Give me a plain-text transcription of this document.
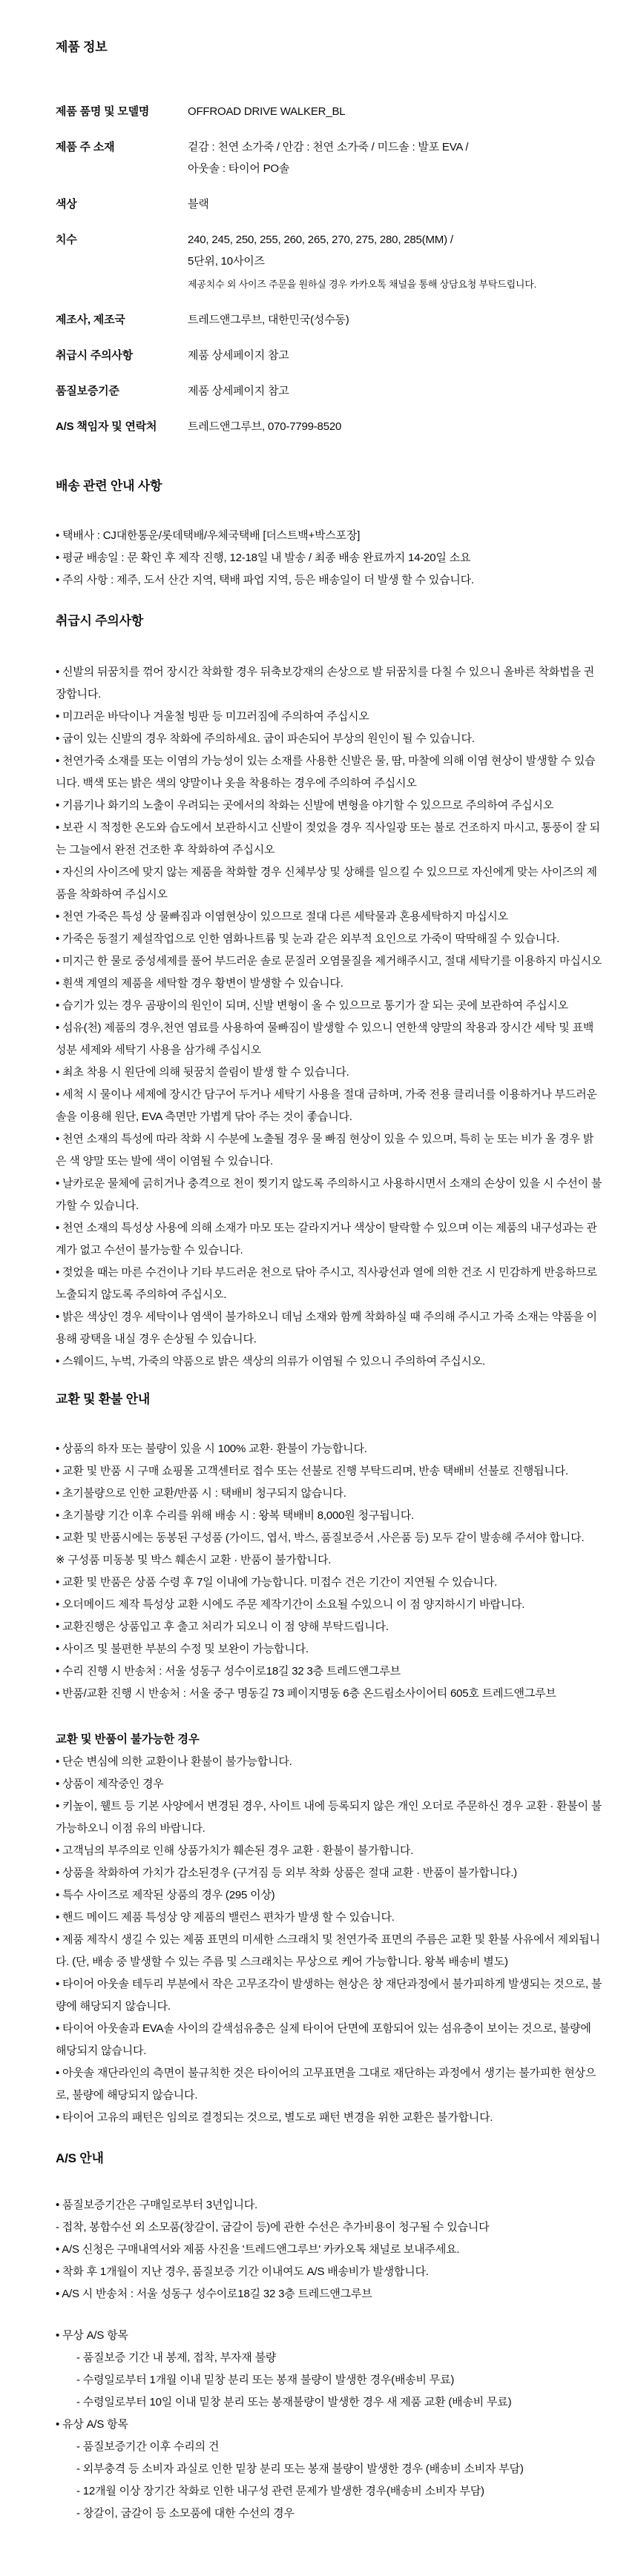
제품 정보
제품 품명 및 모델명	OFFROAD DRIVE WALKER_BL
제품 주 소재	겉감 : 천연 소가죽 / 안감 : 천연 소가죽 / 미드솔 : 발포 EVA /
아웃솔 : 타이어 PO솔
색상	블랙
치수	240, 245, 250, 255, 260, 265, 270, 275, 280, 285(MM) /
5단위, 10사이즈
제공치수 외 사이즈 주문을 원하실 경우 카카오톡 채널을 통해 상담요청 부탁드립니다.
제조사, 제조국	트레드앤그루브, 대한민국(성수동)
취급시 주의사항	제품 상세페이지 참고
품질보증기준	제품 상세페이지 참고
A/S 책임자 및 연락처	트레드앤그루브, 070-7799-8520
배송 관련 안내 사항
• 택배사 : CJ대한통운/롯데택배/우체국택배 [더스트백+박스포장]
• 평균 배송일 : 문 확인 후 제작 진행, 12-18일 내 발송 / 최종 배송 완료까지 14-20일 소요
• 주의 사항 : 제주, 도서 산간 지역, 택배 파업 지역, 등은 배송일이 더 발생 할 수 있습니다.
취급시 주의사항
• 신발의 뒤꿈치를 꺾어 장시간 착화할 경우 뒤축보강재의 손상으로 발 뒤꿈치를 다칠 수 있으니 올바른 착화법을 권장합니다.
• 미끄러운 바닥이나 겨울철 빙판 등 미끄러짐에 주의하여 주십시오
• 굽이 있는 신발의 경우 착화에 주의하세요. 굽이 파손되어 부상의 원인이 될 수 있습니다.
• 천연가죽 소재를 또는 이염의 가능성이 있는 소재를 사용한 신발은 물, 땀, 마찰에 의해 이염 현상이 발생할 수 있습니다. 백색 또는 밝은 색의 양말이나 옷을 착용하는 경우에 주의하여 주십시오
• 기름기나 화기의 노출이 우려되는 곳에서의 착화는 신발에 변형을 야기할 수 있으므로 주의하여 주십시오
• 보관 시 적정한 온도와 습도에서 보관하시고 신발이 젖었을 경우 직사일광 또는 불로 건조하지 마시고, 통풍이 잘 되는 그늘에서 완전 건조한 후 착화하여 주십시오
• 자신의 사이즈에 맞지 않는 제품을 착화할 경우 신체부상 및 상해를 일으킬 수 있으므로 자신에게 맞는 사이즈의 제품을 착화하여 주십시오
• 천연 가죽은 특성 상 물빠짐과 이염현상이 있으므로 절대 다른 세탁물과 혼용세탁하지 마십시오
• 가죽은 동절기 제설작업으로 인한 염화나트륨 및 눈과 같은 외부적 요인으로 가죽이 딱딱해질 수 있습니다.
• 미지근 한 물로 중성세제를 풀어 부드러운 솔로 문질러 오염물질을 제거해주시고, 절대 세탁기를 이용하지 마십시오
• 흰색 계열의 제품을 세탁할 경우 황변이 발생할 수 있습니다.
• 습기가 있는 경우 곰팡이의 원인이 되며, 신발 변형이 올 수 있으므로 통기가 잘 되는 곳에 보관하여 주십시오
• 섬유(천) 제품의 경우,천연 염료를 사용하여 물빠짐이 발생할 수 있으니 연한색 양말의 착용과 장시간 세탁 및 표백 성분 세제와 세탁기 사용을 삼가해 주십시오
• 최초 착용 시 원단에 의해 뒷꿈치 쓸림이 발생 할 수 있습니다.
• 세척 시 물이나 세제에 장시간 담구어 두거나 세탁기 사용을 절대 금하며, 가죽 전용 클리너를 이용하거나 부드러운 솔을 이용해 원단, EVA 측면만 가볍게 닦아 주는 것이 좋습니다.
• 천연 소재의 특성에 따라 착화 시 수분에 노출될 경우 물 빠짐 현상이 있을 수 있으며, 특히 눈 또는 비가 올 경우 밝은 색 양말 또는 발에 색이 이염될 수 있습니다.
• 날카로운 물체에 긁히거나 충격으로 천이 찢기지 않도록 주의하시고 사용하시면서 소재의 손상이 있을 시 수선이 불가할 수 있습니다.
• 천연 소재의 특성상 사용에 의해 소재가 마모 또는 갈라지거나 색상이 탈락할 수 있으며 이는 제품의 내구성과는 관계가 없고 수선이 불가능할 수 있습니다.
• 젖었을 때는 마른 수건이나 기타 부드러운 천으로 닦아 주시고, 직사광선과 열에 의한 건조 시 민감하게 반응하므로 노출되지 않도록 주의하여 주십시오.
• 밝은 색상인 경우 세탁이나 염색이 불가하오니 데님 소재와 함께 착화하실 때 주의해 주시고 가죽 소재는 약품을 이용해 광택을 내실 경우 손상될 수 있습니다.
• 스웨이드, 누벅, 가죽의 약품으로 밝은 색상의 의류가 이염될 수 있으니 주의하여 주십시오.
교환 및 환불 안내
• 상품의 하자 또는 불량이 있을 시 100% 교환· 환불이 가능합니다.
• 교환 및 반품 시 구매 쇼핑몰 고객센터로 접수 또는 선불로 진행 부탁드리며, 반송 택배비 선불로 진행됩니다.
• 초기불량으로 인한 교환/반품 시 : 택배비 청구되지 않습니다.
• 초기불량 기간 이후 수리를 위해 배송 시 : 왕복 택배비 8,000원 청구됩니다.
• 교환 및 반품시에는 동봉된 구성품 (가이드, 엽서, 박스, 품질보증서 ,사은품 등) 모두 같이 발송해 주셔야 합니다.
※ 구성품 미동봉 및 박스 훼손시 교환 · 반품이 불가합니다.
• 교환 및 반품은 상품 수령 후 7일 이내에 가능합니다. 미접수 건은 기간이 지연될 수 있습니다.
• 오더메이드 제작 특성상 교환 시에도 주문 제작기간이 소요될 수있으니 이 점 양지하시기 바랍니다.
• 교환진행은 상품입고 후 출고 처리가 되오니 이 점 양해 부탁드립니다.
• 사이즈 및 불편한 부분의 수정 및 보완이 가능합니다.
• 수리 진행 시 반송처 : 서울 성동구 성수이로18길 32 3층 트레드앤그루브
• 반품/교환 진행 시 반송처 : 서울 중구 명동길 73 페이지명동 6층 온드림소사이어티 605호 트레드앤그루브
교환 및 반품이 불가능한 경우
• 단순 변심에 의한 교환이나 환불이 불가능합니다.
• 상품이 제작중인 경우
• 키높이, 웰트 등 기본 사양에서 변경된 경우, 사이트 내에 등록되지 않은 개인 오더로 주문하신 경우 교환 · 환불이 불가능하오니 이점 유의 바랍니다.
• 고객님의 부주의로 인해 상품가치가 훼손된 경우 교환 · 환불이 불가합니다.
• 상품을 착화하여 가치가 감소된경우 (구겨짐 등 외부 착화 상품은 절대 교환 · 반품이 불가합니다.)
• 특수 사이즈로 제작된 상품의 경우 (295 이상)
• 핸드 메이드 제품 특성상 양 제품의 밸런스 편차가 발생 할 수 있습니다.
• 제품 제작시 생길 수 있는 제품 표면의 미세한 스크래치 및 천연가죽 표면의 주름은 교환 및 환불 사유에서 제외됩니다. (단, 배송 중 발생할 수 있는 주름 및 스크래치는 무상으로 케어 가능합니다. 왕복 배송비 별도)
• 타이어 아웃솔 테두리 부분에서 작은 고무조각이 발생하는 현상은 창 재단과정에서 불가피하게 발생되는 것으로, 불량에 해당되지 않습니다.
• 타이어 아웃솔과 EVA솔 사이의 갈색섬유층은 실제 타이어 단면에 포함되어 있는 섬유층이 보이는 것으로, 불량에 해당되지 않습니다.
• 아웃솔 재단라인의 측면이 불규칙한 것은 타이어의 고무표면을 그대로 재단하는 과정에서 생기는 불가피한 현상으로, 불량에 해당되지 않습니다.
• 타이어 고유의 패턴은 임의로 결정되는 것으로, 별도로 패턴 변경을 위한 교환은 불가합니다.
A/S 안내
• 품질보증기간은 구매일로부터 3년입니다.
- 접착, 봉합수선 외 소모품(창갈이, 굽갈이 등)에 관한 수선은 추가비용이 청구될 수 있습니다
• A/S 신청은 구매내역서와 제품 사진을 '트레드앤그루브' 카카오톡 채널로 보내주세요.
• 착화 후 1개월이 지난 경우, 품질보증 기간 이내여도 A/S 배송비가 발생합니다.
• A/S 시 반송처 : 서울 성동구 성수이로18길 32 3층 트레드앤그루브
• 무상 A/S 항목
- 품질보증 기간 내 봉제, 접착, 부자재 불량
- 수령일로부터 1개월 이내 밑창 분리 또는 봉재 불량이 발생한 경우(배송비 무료)
- 수령일로부터 10일 이내 밑창 분리 또는 봉재불량이 발생한 경우 새 제품 교환 (배송비 무료)
• 유상 A/S 항목
- 품질보증기간 이후 수리의 건
- 외부충격 등 소비자 과실로 인한 밑창 분리 또는 봉재 불량이 발생한 경우 (배송비 소비자 부담)
- 12개월 이상 장기간 착화로 인한 내구성 관련 문제가 발생한 경우(배송비 소비자 부담)
- 창갈이, 굽갈이 등 소모품에 대한 수선의 경우
